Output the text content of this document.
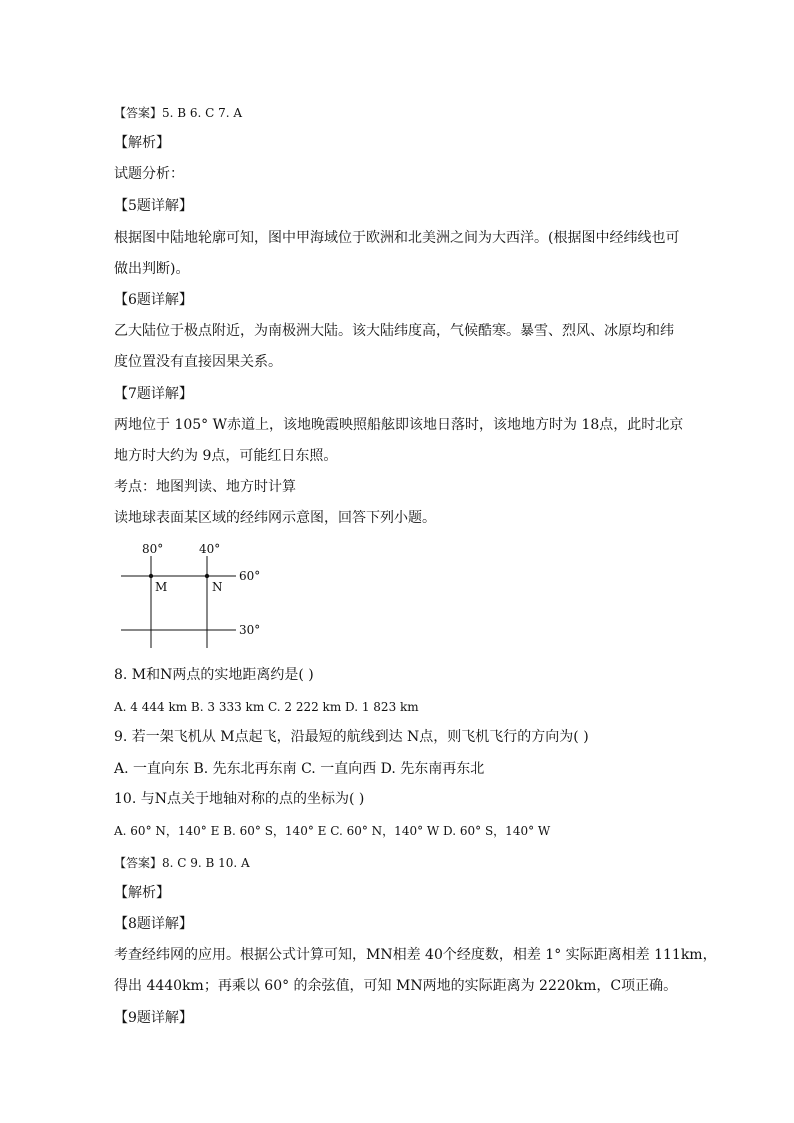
【答案】5. B 6. C 7. A
【解析】
试题分析：
【5题详解】
根据图中陆地轮廓可知，图中甲海域位于欧洲和北美洲之间为大西洋。(根据图中经纬线也可
做出判断)。
【6题详解】
乙大陆位于极点附近，为南极洲大陆。该大陆纬度高，气候酷寒。暴雪、烈风、冰原均和纬
度位置没有直接因果关系。
【7题详解】
两地位于 105° W赤道上，该地晚霞映照船舷即该地日落时，该地地方时为 18点，此时北京
地方时大约为 9点，可能红日东照。
考点：地图判读、地方时计算
读地球表面某区域的经纬网示意图，回答下列小题。
80°	40°
60°
30°
M	N
8. M和N两点的实地距离约是( )
A. 4 444 km B. 3 333 km C. 2 222 km D. 1 823 km
9. 若一架飞机从 M点起飞，沿最短的航线到达 N点，则飞机飞行的方向为( )
A. 一直向东 B. 先东北再东南 C. 一直向西 D. 先东南再东北
10. 与N点关于地轴对称的点的坐标为( )
A. 60° N，140° E B. 60° S，140° E C. 60° N，140° W D. 60° S，140° W
【答案】8. C 9. B 10. A
【解析】
【8题详解】
考查经纬网的应用。根据公式计算可知，MN相差 40个经度数，相差 1° 实际距离相差 111km，
得出 4440km；再乘以 60° 的余弦值，可知 MN两地的实际距离为 2220km，C项正确。
【9题详解】
